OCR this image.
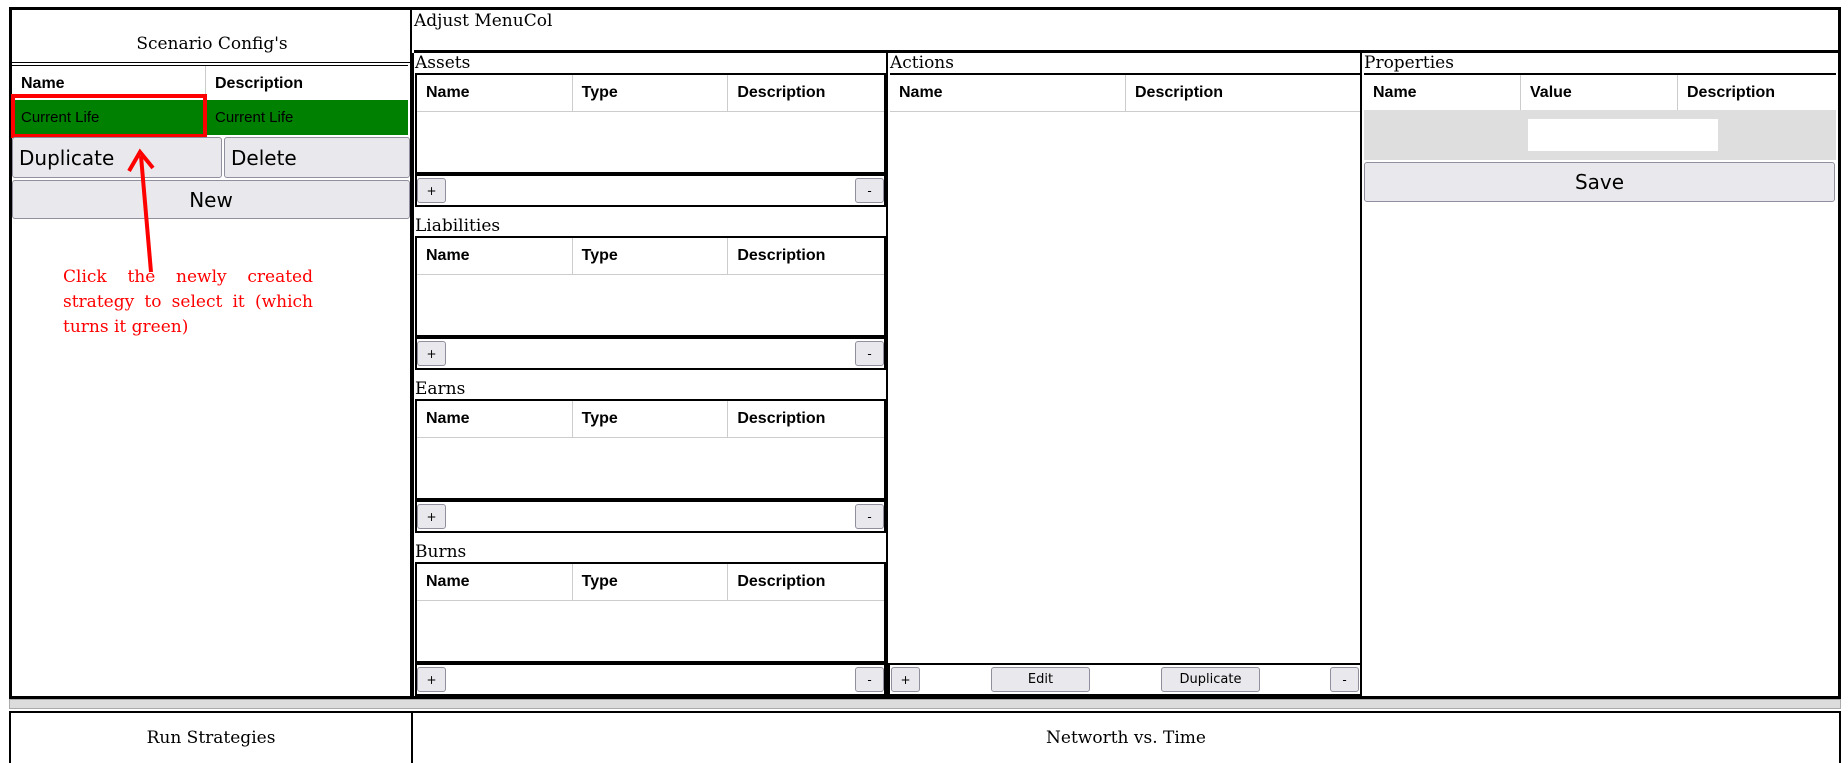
Scenario Config's
Name	Description
Current Life	Current Life
Duplicate	Delete
New
Click the newly created strategy to select it (which turns it green)
Adjust MenuCol
Assets
Name	Type	Description
+	-
Liabilities
Name	Type	Description
+	-
Earns
Name	Type	Description
+	-
Burns
Name	Type	Description
+	-
Actions
Name	Description
+	Edit	Duplicate	-
Properties
Name	Value	Description
Save
Run Strategies	Networth vs. Time
